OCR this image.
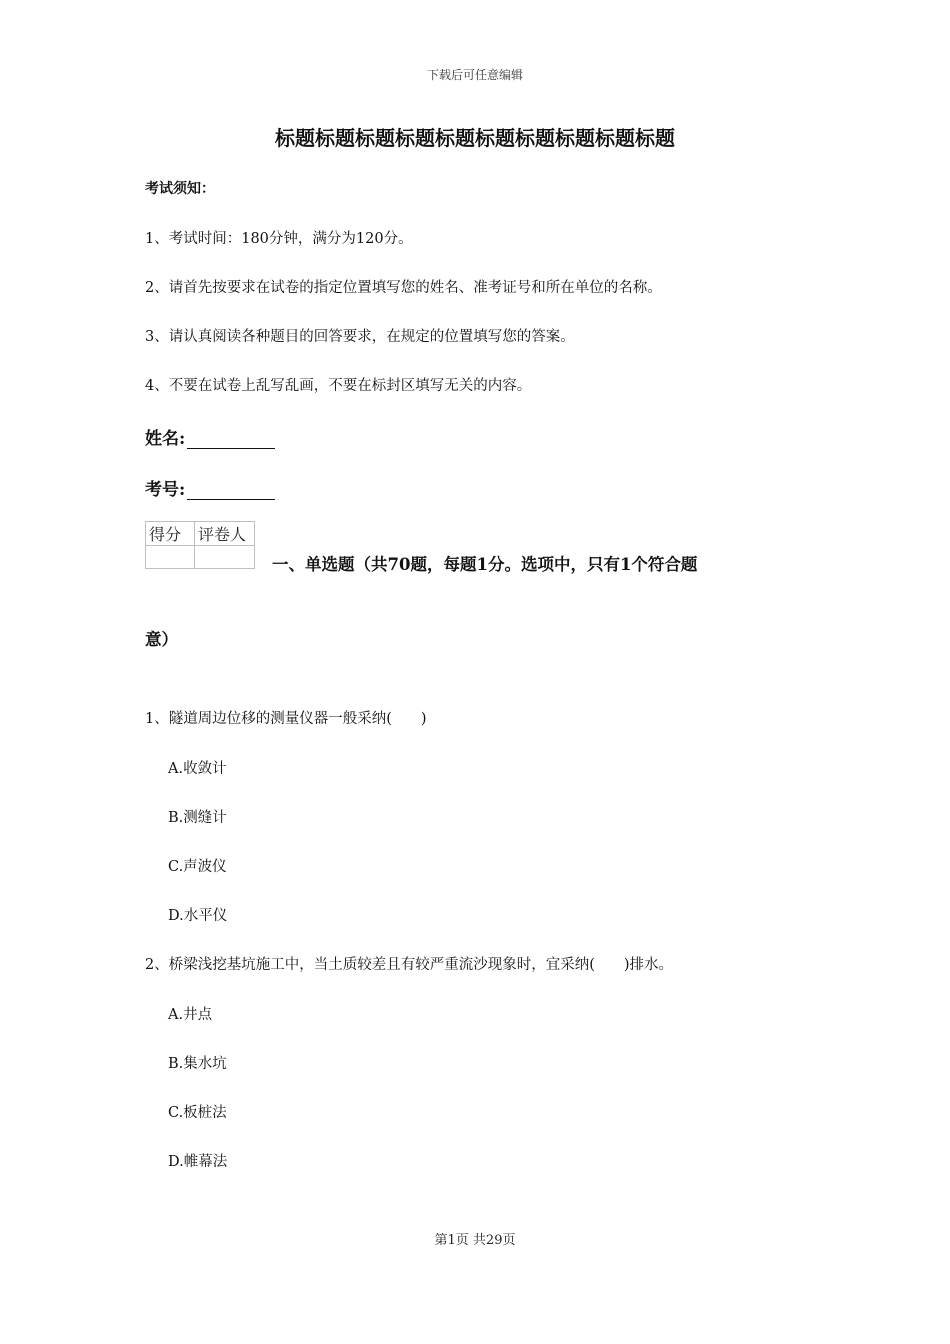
下载后可任意编辑
标题标题标题标题标题标题标题标题标题标题
考试须知：
1、考试时间：180分钟，满分为120分。
2、请首先按要求在试卷的指定位置填写您的姓名、准考证号和所在单位的名称。
3、请认真阅读各种题目的回答要求，在规定的位置填写您的答案。
4、不要在试卷上乱写乱画，不要在标封区填写无关的内容。
姓名:
考号:
得分	评卷人

一、单选题（共70题，每题1分。选项中，只有1个符合题
意）
1、隧道周边位移的测量仪器一般采纳(　　)
A.收敛计
B.测缝计
C.声波仪
D.水平仪
2、桥梁浅挖基坑施工中，当土质较差且有较严重流沙现象时，宜采纳(　　)排水。
A.井点
B.集水坑
C.板桩法
D.帷幕法
第1页 共29页
